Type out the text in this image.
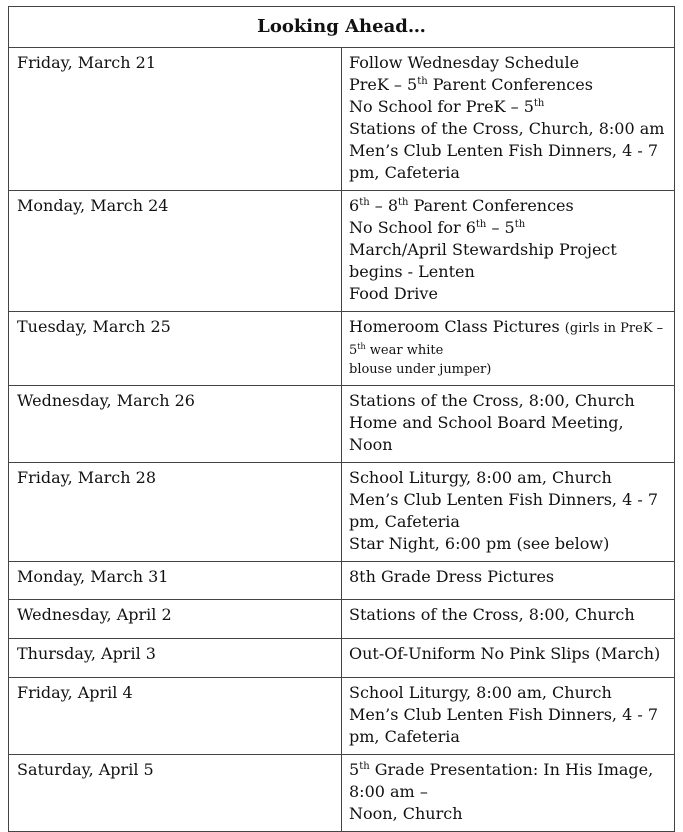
Looking Ahead…	
Friday, March 21	Follow Wednesday Schedule
PreK – 5th Parent Conferences
No School for PreK – 5th
Stations of the Cross, Church, 8:00 am
Men’s Club Lenten Fish Dinners, 4 - 7 pm, Cafeteria

Monday, March 24	6th – 8th Parent Conferences
No School for 6th – 5th
March/April Stewardship Project begins - Lenten
Food Drive

Tuesday, March 25	Homeroom Class Pictures (girls in PreK – 5th wear white
blouse under jumper)

Wednesday, March 26	Stations of the Cross, 8:00, Church
Home and School Board Meeting, Noon

Friday, March 28	School Liturgy, 8:00 am, Church
Men’s Club Lenten Fish Dinners, 4 - 7 pm, Cafeteria
Star Night, 6:00 pm (see below)

Monday, March 31	8th Grade Dress Pictures

Wednesday, April 2	Stations of the Cross, 8:00, Church

Thursday, April 3	Out-Of-Uniform No Pink Slips (March)

Friday, April 4	School Liturgy, 8:00 am, Church
Men’s Club Lenten Fish Dinners, 4 - 7 pm, Cafeteria

Saturday, April 5	5th Grade Presentation: In His Image, 8:00 am –
Noon, Church
